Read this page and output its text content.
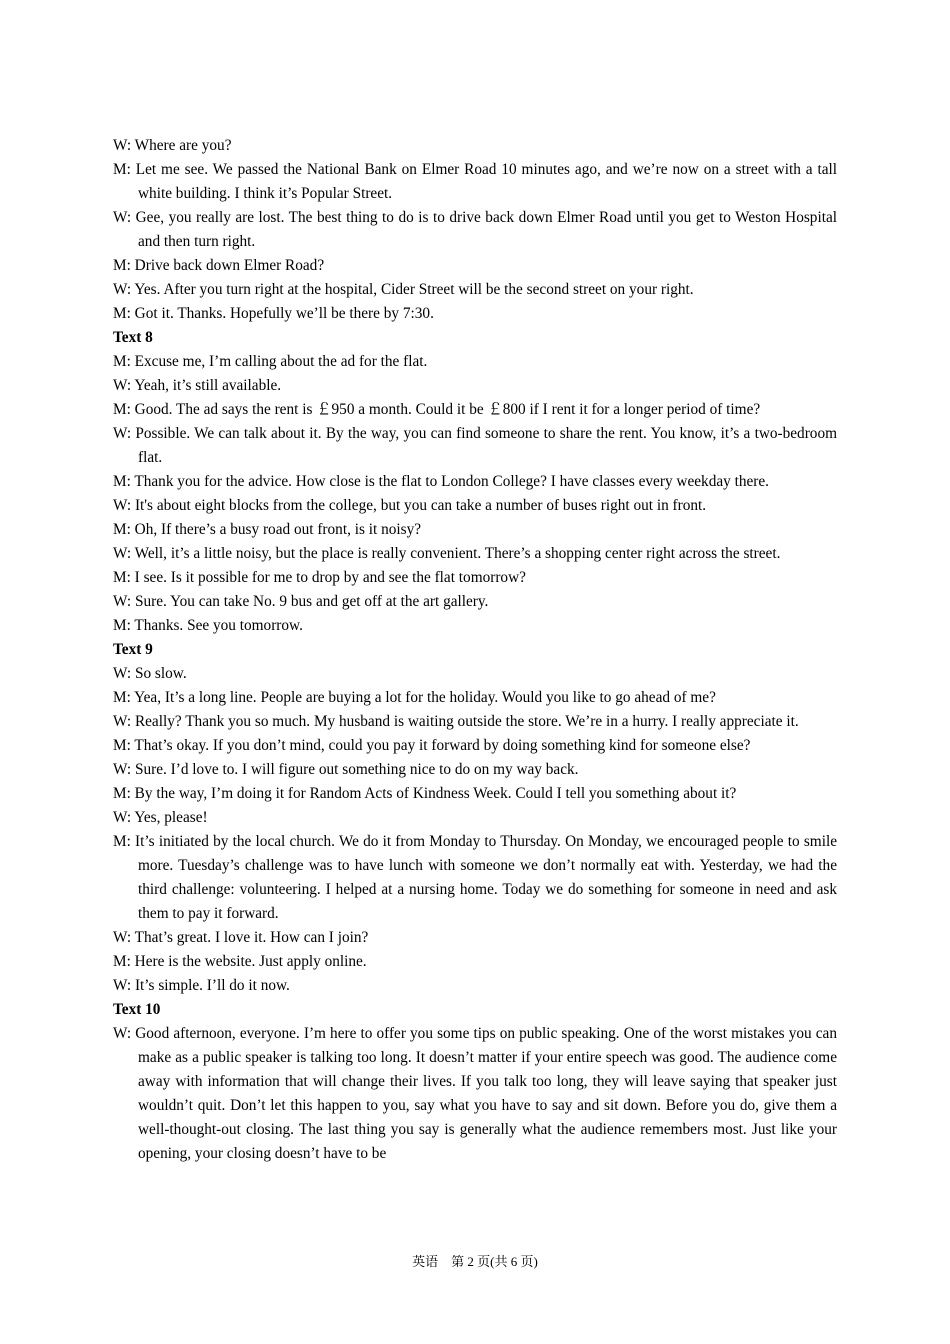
W: Where are you?

M: Let me see. We passed the National Bank on Elmer Road 10 minutes ago, and we’re now on a street with a tall white building. I think it’s Popular Street.

W: Gee, you really are lost. The best thing to do is to drive back down Elmer Road until you get to Weston Hospital and then turn right.

M: Drive back down Elmer Road?

W: Yes. After you turn right at the hospital, Cider Street will be the second street on your right.

M: Got it. Thanks. Hopefully we’ll be there by 7:30.

Text 8

M: Excuse me, I’m calling about the ad for the flat.

W: Yeah, it’s still available.

M: Good. The ad says the rent is ￡950 a month. Could it be ￡800 if I rent it for a longer period of time?

W: Possible. We can talk about it. By the way, you can find someone to share the rent. You know, it’s a two-bedroom flat.

M: Thank you for the advice. How close is the flat to London College? I have classes every weekday there.

W: It's about eight blocks from the college, but you can take a number of buses right out in front.

M: Oh, If there’s a busy road out front, is it noisy?

W: Well, it’s a little noisy, but the place is really convenient. There’s a shopping center right across the street.

M: I see. Is it possible for me to drop by and see the flat tomorrow?

W: Sure. You can take No. 9 bus and get off at the art gallery.

M: Thanks. See you tomorrow.

Text 9

W: So slow.

M: Yea, It’s a long line. People are buying a lot for the holiday. Would you like to go ahead of me?

W: Really? Thank you so much. My husband is waiting outside the store. We’re in a hurry. I really appreciate it.

M: That’s okay. If you don’t mind, could you pay it forward by doing something kind for someone else?

W: Sure. I’d love to. I will figure out something nice to do on my way back.

M: By the way, I’m doing it for Random Acts of Kindness Week. Could I tell you something about it?

W: Yes, please!

M: It’s initiated by the local church. We do it from Monday to Thursday. On Monday, we encouraged people to smile more. Tuesday’s challenge was to have lunch with someone we don’t normally eat with. Yesterday, we had the third challenge: volunteering. I helped at a nursing home. Today we do something for someone in need and ask them to pay it forward.

W: That’s great. I love it. How can I join?

M: Here is the website. Just apply online.

W: It’s simple. I’ll do it now.

Text 10

W: Good afternoon, everyone. I’m here to offer you some tips on public speaking. One of the worst mistakes you can make as a public speaker is talking too long. It doesn’t matter if your entire speech was good. The audience come away with information that will change their lives. If you talk too long, they will leave saying that speaker just wouldn’t quit. Don’t let this happen to you, say what you have to say and sit down. Before you do, give them a well-thought-out closing. The last thing you say is generally what the audience remembers most. Just like your opening, your closing doesn’t have to be

英语　第 2 页(共 6 页)
